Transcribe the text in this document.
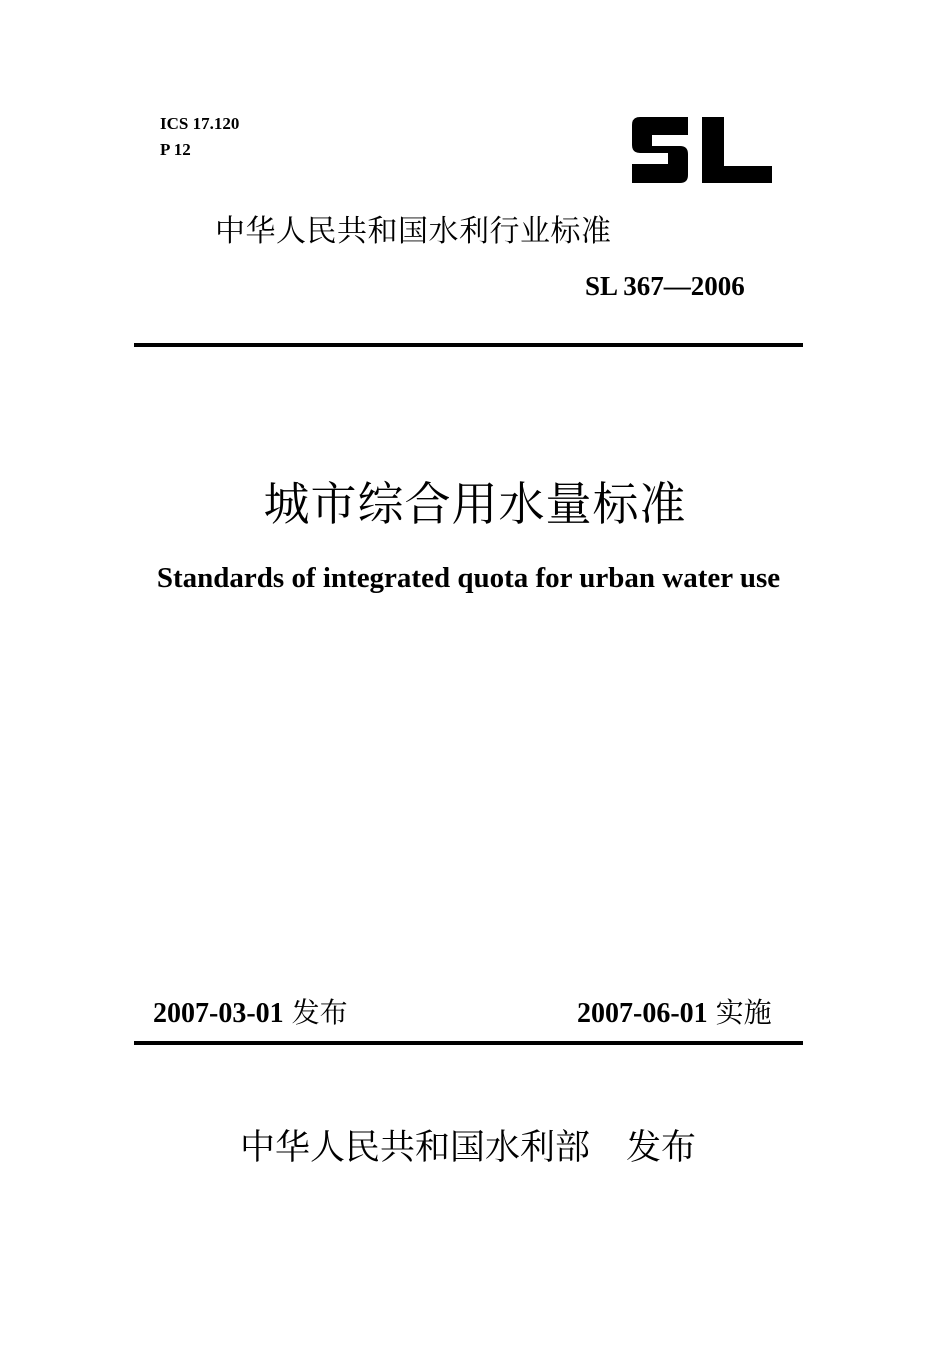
ICS 17.120
P 12
中华人民共和国水利行业标准
SL 367—2006
城市综合用水量标准
Standards of integrated quota for urban water use
2007-03-01 发布	2007-06-01 实施
中华人民共和国水利部 发布
